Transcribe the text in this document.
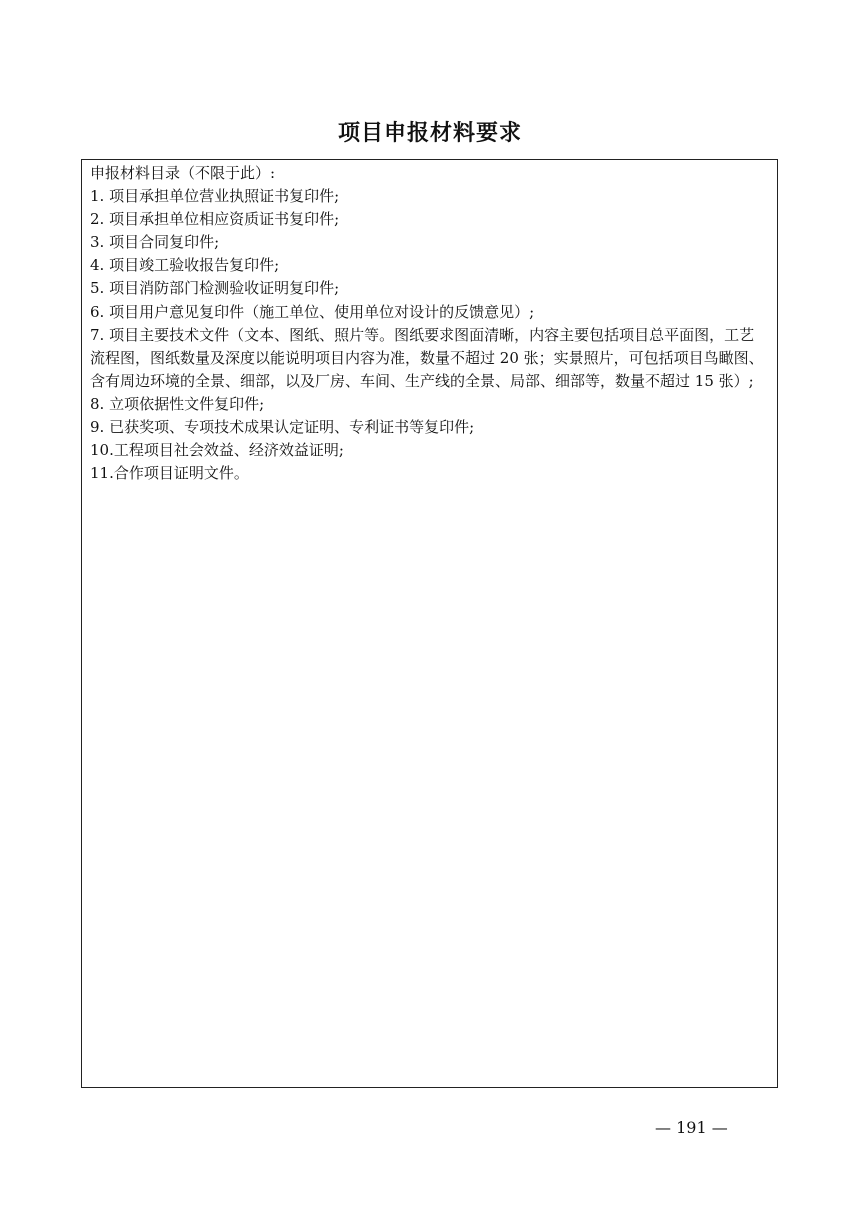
项目申报材料要求

申报材料目录（不限于此）:

1. 项目承担单位营业执照证书复印件;
2. 项目承担单位相应资质证书复印件;
3. 项目合同复印件;
4. 项目竣工验收报告复印件;
5. 项目消防部门检测验收证明复印件;
6. 项目用户意见复印件（施工单位、使用单位对设计的反馈意见）;
7. 项目主要技术文件（文本、图纸、照片等。图纸要求图面清晰，内容主要包括项目总平面图，工艺流程图，图纸数量及深度以能说明项目内容为准，数量不超过 20 张；实景照片，可包括项目鸟瞰图、含有周边环境的全景、细部，以及厂房、车间、生产线的全景、局部、细部等，数量不超过 15 张）;
8. 立项依据性文件复印件;
9. 已获奖项、专项技术成果认定证明、专利证书等复印件;
10.工程项目社会效益、经济效益证明;
11.合作项目证明文件。
— 191 —
